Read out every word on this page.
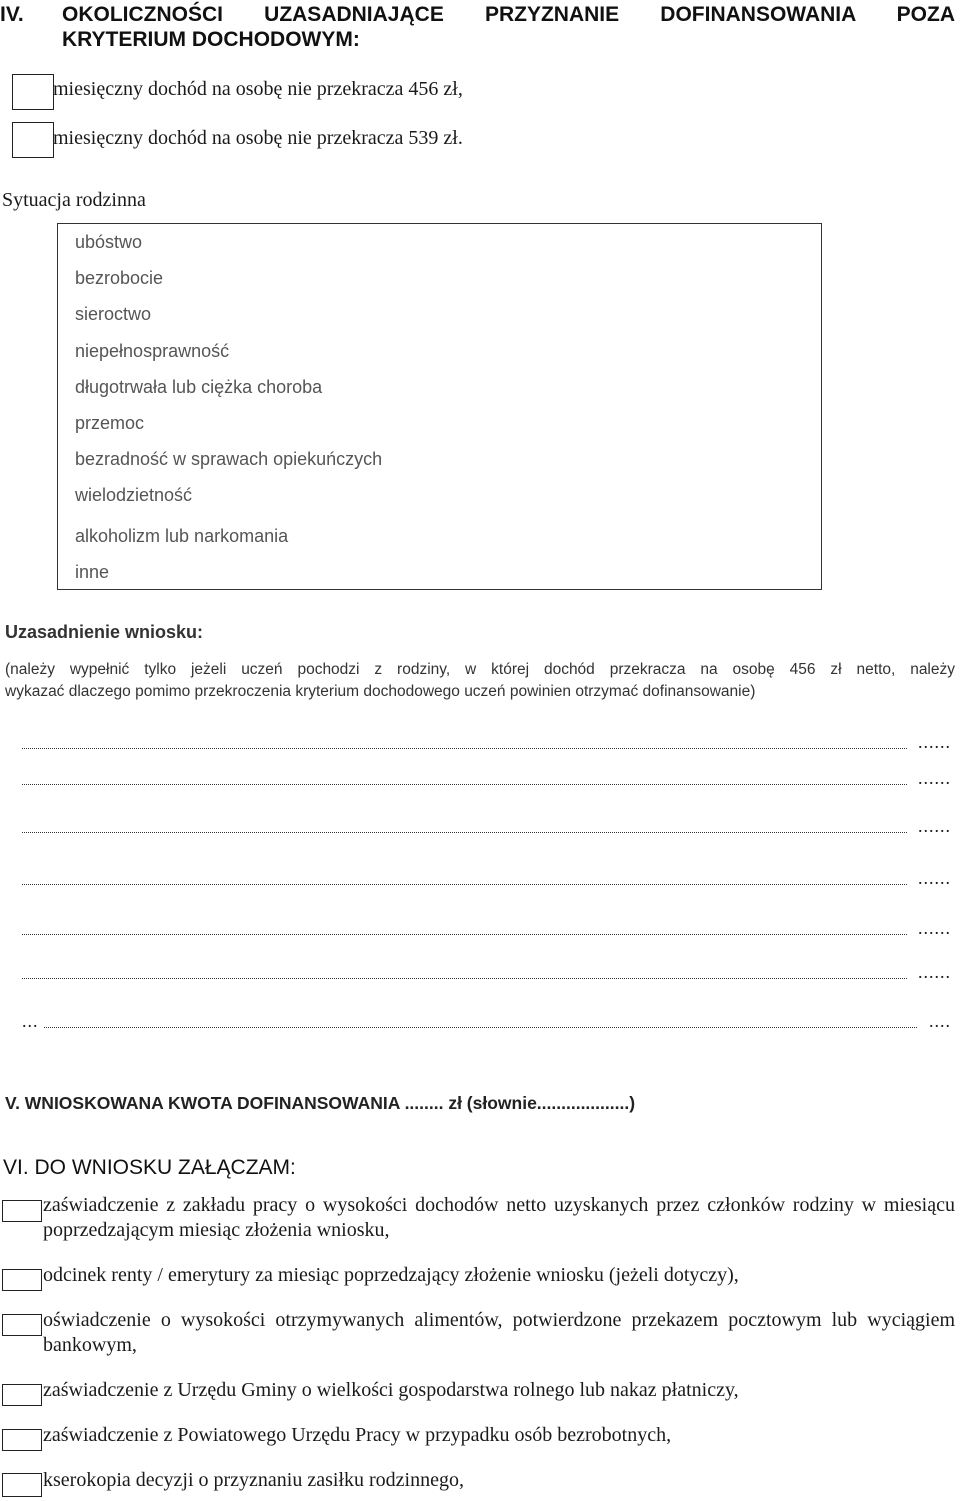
IV. OKOLICZNOŚCI UZASADNIAJĄCE PRZYZNANIE DOFINANSOWANIA POZA
KRYTERIUM DOCHODOWYM:
miesięczny dochód na osobę nie przekracza 456 zł,
miesięczny dochód na osobę nie przekracza 539 zł.
Sytuacja rodzinna
ubóstwo
bezrobocie
sieroctwo
niepełnosprawność
długotrwała lub ciężka choroba
przemoc
bezradność w sprawach opiekuńczych
wielodzietność
alkoholizm lub narkomania
inne
Uzasadnienie wniosku:
(należy wypełnić tylko jeżeli uczeń pochodzi z rodziny, w której dochód przekracza na osobę 456 zł netto, należy
wykazać dlaczego pomimo przekroczenia kryterium dochodowego uczeń powinien otrzymać dofinansowanie)
......
......
......
......
......
......
...	....
V. WNIOSKOWANA KWOTA DOFINANSOWANIA ........ zł (słownie...................)
VI. DO WNIOSKU ZAŁĄCZAM:
zaświadczenie z zakładu pracy o wysokości dochodów netto uzyskanych przez członków rodziny w miesiącu poprzedzającym miesiąc złożenia wniosku,
odcinek renty / emerytury za miesiąc poprzedzający złożenie wniosku (jeżeli dotyczy),
oświadczenie o wysokości otrzymywanych alimentów, potwierdzone przekazem pocztowym lub wyciągiem bankowym,
zaświadczenie z Urzędu Gminy o wielkości gospodarstwa rolnego lub nakaz płatniczy,
zaświadczenie z Powiatowego Urzędu Pracy w przypadku osób bezrobotnych,
kserokopia decyzji o przyznaniu zasiłku rodzinnego,
